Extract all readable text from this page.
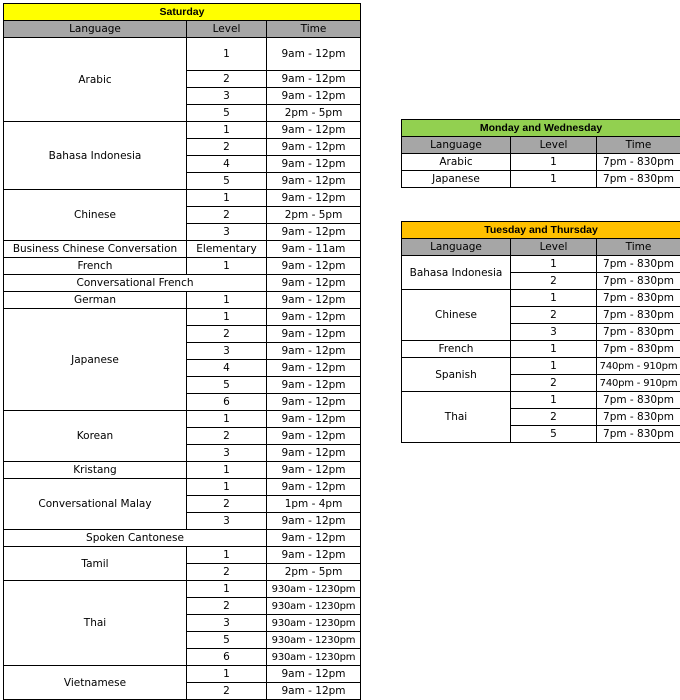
Saturday		
Language	Level	Time
Arabic	1	9am - 12pm
	2	9am - 12pm
	3	9am - 12pm
	5	2pm - 5pm
Bahasa Indonesia	1	9am - 12pm
	2	9am - 12pm
	4	9am - 12pm
	5	9am - 12pm
Chinese	1	9am - 12pm
	2	2pm - 5pm
	3	9am - 12pm
Business Chinese Conversation	Elementary	9am - 11am
French	1	9am - 12pm
Conversational French		9am - 12pm
German	1	9am - 12pm
Japanese	1	9am - 12pm
	2	9am - 12pm
	3	9am - 12pm
	4	9am - 12pm
	5	9am - 12pm
	6	9am - 12pm
Korean	1	9am - 12pm
	2	9am - 12pm
	3	9am - 12pm
Kristang	1	9am - 12pm
Conversational Malay	1	9am - 12pm
	2	1pm - 4pm
	3	9am - 12pm
Spoken Cantonese		9am - 12pm
Tamil	1	9am - 12pm
	2	2pm - 5pm
Thai	1	930am - 1230pm
	2	930am - 1230pm
	3	930am - 1230pm
	5	930am - 1230pm
	6	930am - 1230pm
Vietnamese	1	9am - 12pm
	2	9am - 12pm
Monday and Wednesday		
Language	Level	Time
Arabic	1	7pm - 830pm
Japanese	1	7pm - 830pm
Tuesday and Thursday		
Language	Level	Time
Bahasa Indonesia	1	7pm - 830pm
	2	7pm - 830pm
Chinese	1	7pm - 830pm
	2	7pm - 830pm
	3	7pm - 830pm
French	1	7pm - 830pm
Spanish	1	740pm - 910pm
	2	740pm - 910pm
Thai	1	7pm - 830pm
	2	7pm - 830pm
	5	7pm - 830pm
